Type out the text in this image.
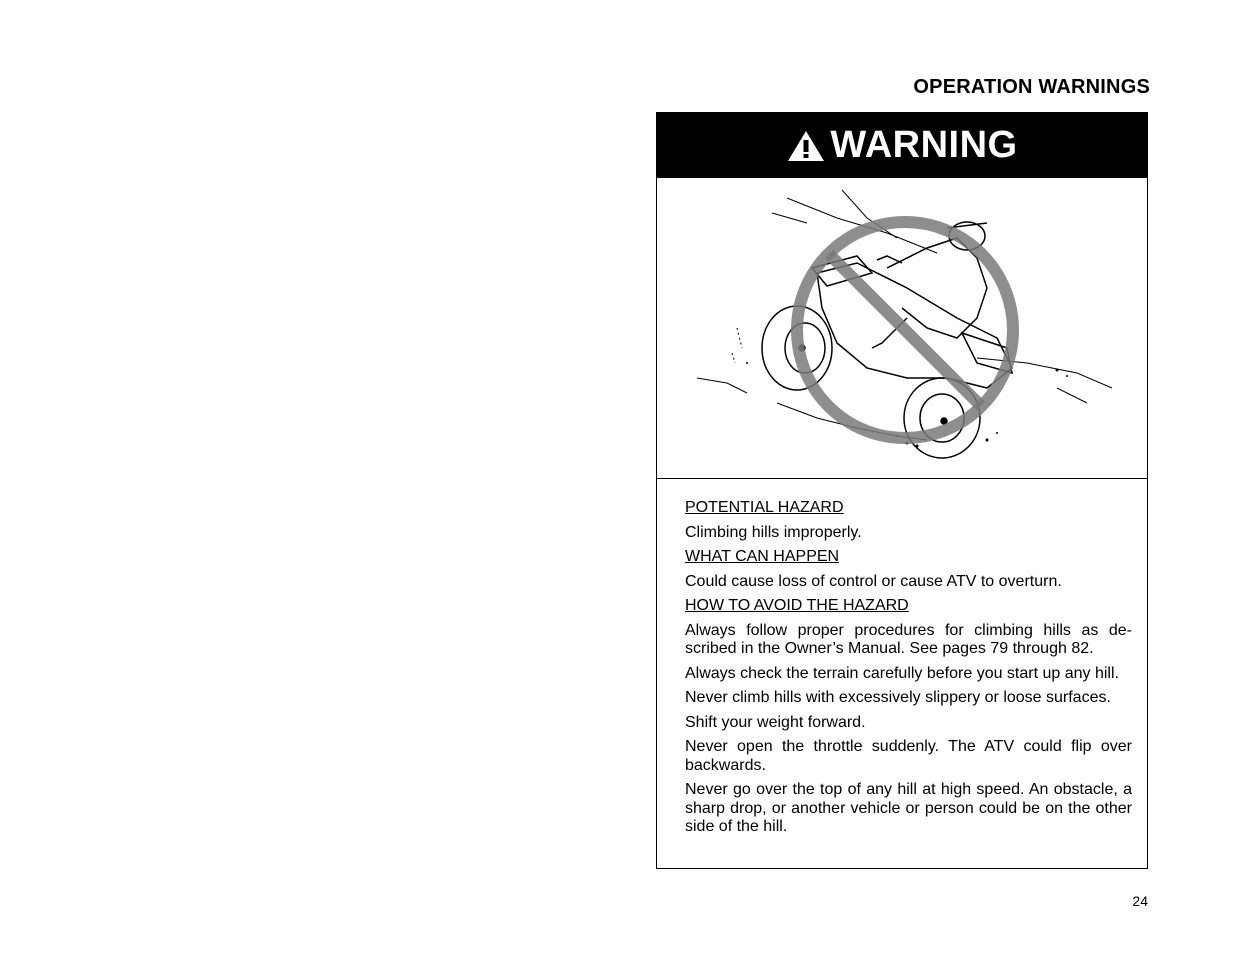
OPERATION WARNINGS
WARNING

POTENTIAL HAZARD

Climbing hills improperly.

WHAT CAN HAPPEN

Could cause loss of control or cause ATV to overturn.

HOW TO AVOID THE HAZARD

Always follow proper procedures for climbing hills as de-scribed in the Owner’s Manual. See pages 79 through 82.

Always check the terrain carefully before you start up any hill.

Never climb hills with excessively slippery or loose surfaces.

Shift your weight forward.

Never open the throttle suddenly. The ATV could flip over backwards.

Never go over the top of any hill at high speed. An obstacle, a sharp drop, or another vehicle or person could be on the other side of the hill.

24
